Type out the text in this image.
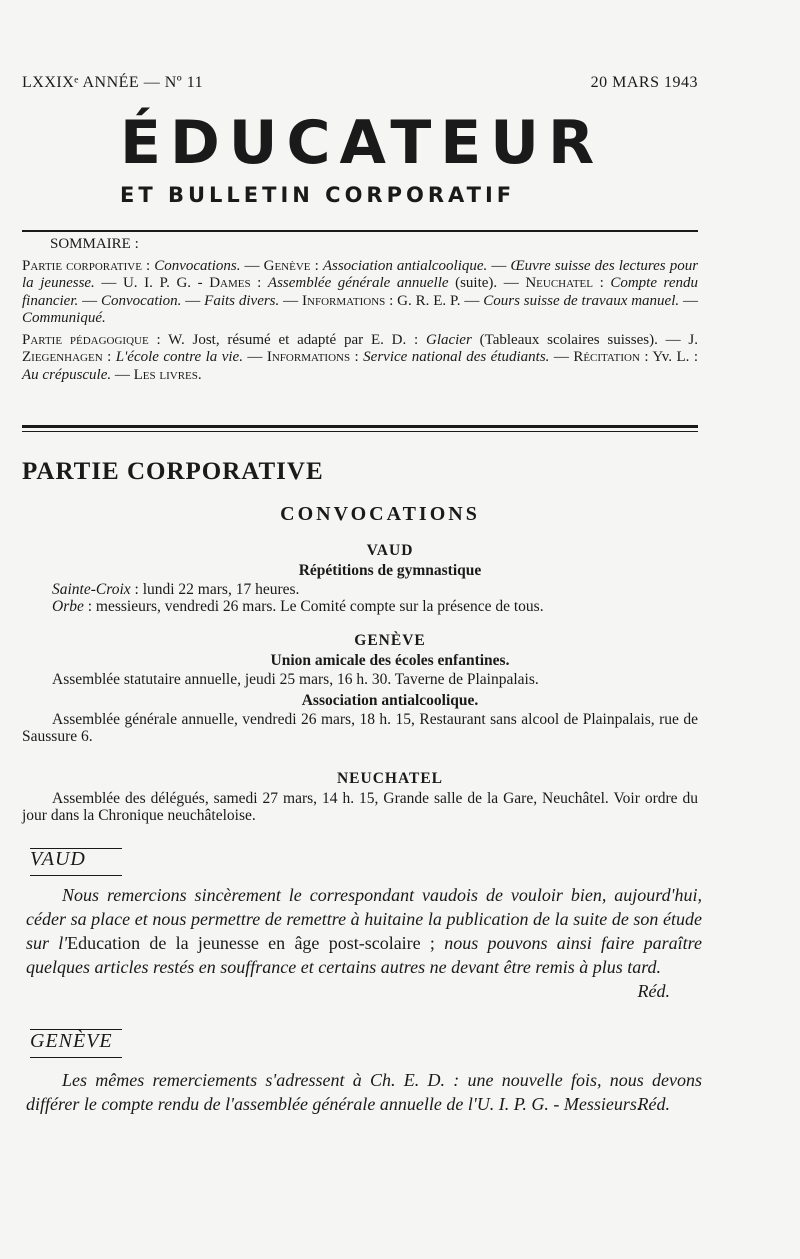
LXXIXᵉ ANNÉE — Nº 11	20 MARS 1943
ÉDUCATEUR
ET BULLETIN CORPORATIF

SOMMAIRE :

Partie corporative : Convocations. — Genève : Association antialcoolique. — Œuvre suisse des lectures pour la jeunesse. — U. I. P. G. - Dames : Assemblée générale annuelle (suite). — Neuchatel : Compte rendu financier. — Convocation. — Faits divers. — Informations : G. R. E. P. — Cours suisse de travaux manuel. — Communiqué.

Partie pédagogique : W. Jost, résumé et adapté par E. D. : Glacier (Tableaux scolaires suisses). — J. Ziegenhagen : L'école contre la vie. — Informations : Service national des étudiants. — Récitation : Yv. L. : Au crépuscule. — Les livres.

PARTIE CORPORATIVE
CONVOCATIONS
VAUD
Répétitions de gymnastique
Sainte-Croix : lundi 22 mars, 17 heures.
Orbe : messieurs, vendredi 26 mars. Le Comité compte sur la présence de tous.
GENÈVE
Union amicale des écoles enfantines.
Assemblée statutaire annuelle, jeudi 25 mars, 16 h. 30. Taverne de Plainpalais.
Association antialcoolique.
Assemblée générale annuelle, vendredi 26 mars, 18 h. 15, Restaurant sans alcool de Plainpalais, rue de Saussure 6.
NEUCHATEL
Assemblée des délégués, samedi 27 mars, 14 h. 15, Grande salle de la Gare, Neuchâtel. Voir ordre du jour dans la Chronique neuchâteloise.
VAUD
Nous remercions sincèrement le correspondant vaudois de vouloir bien, aujourd'hui, céder sa place et nous permettre de remettre à huitaine la publication de la suite de son étude sur l'Education de la jeunesse en âge post-scolaire ; nous pouvons ainsi faire paraître quelques articles restés en souffrance et certains autres ne devant être remis à plus tard.
Réd.
GENÈVE
Les mêmes remerciements s'adressent à Ch. E. D. : une nouvelle fois, nous devons différer le compte rendu de l'assemblée générale annuelle de l'U. I. P. G. - Messieurs.
Réd.
